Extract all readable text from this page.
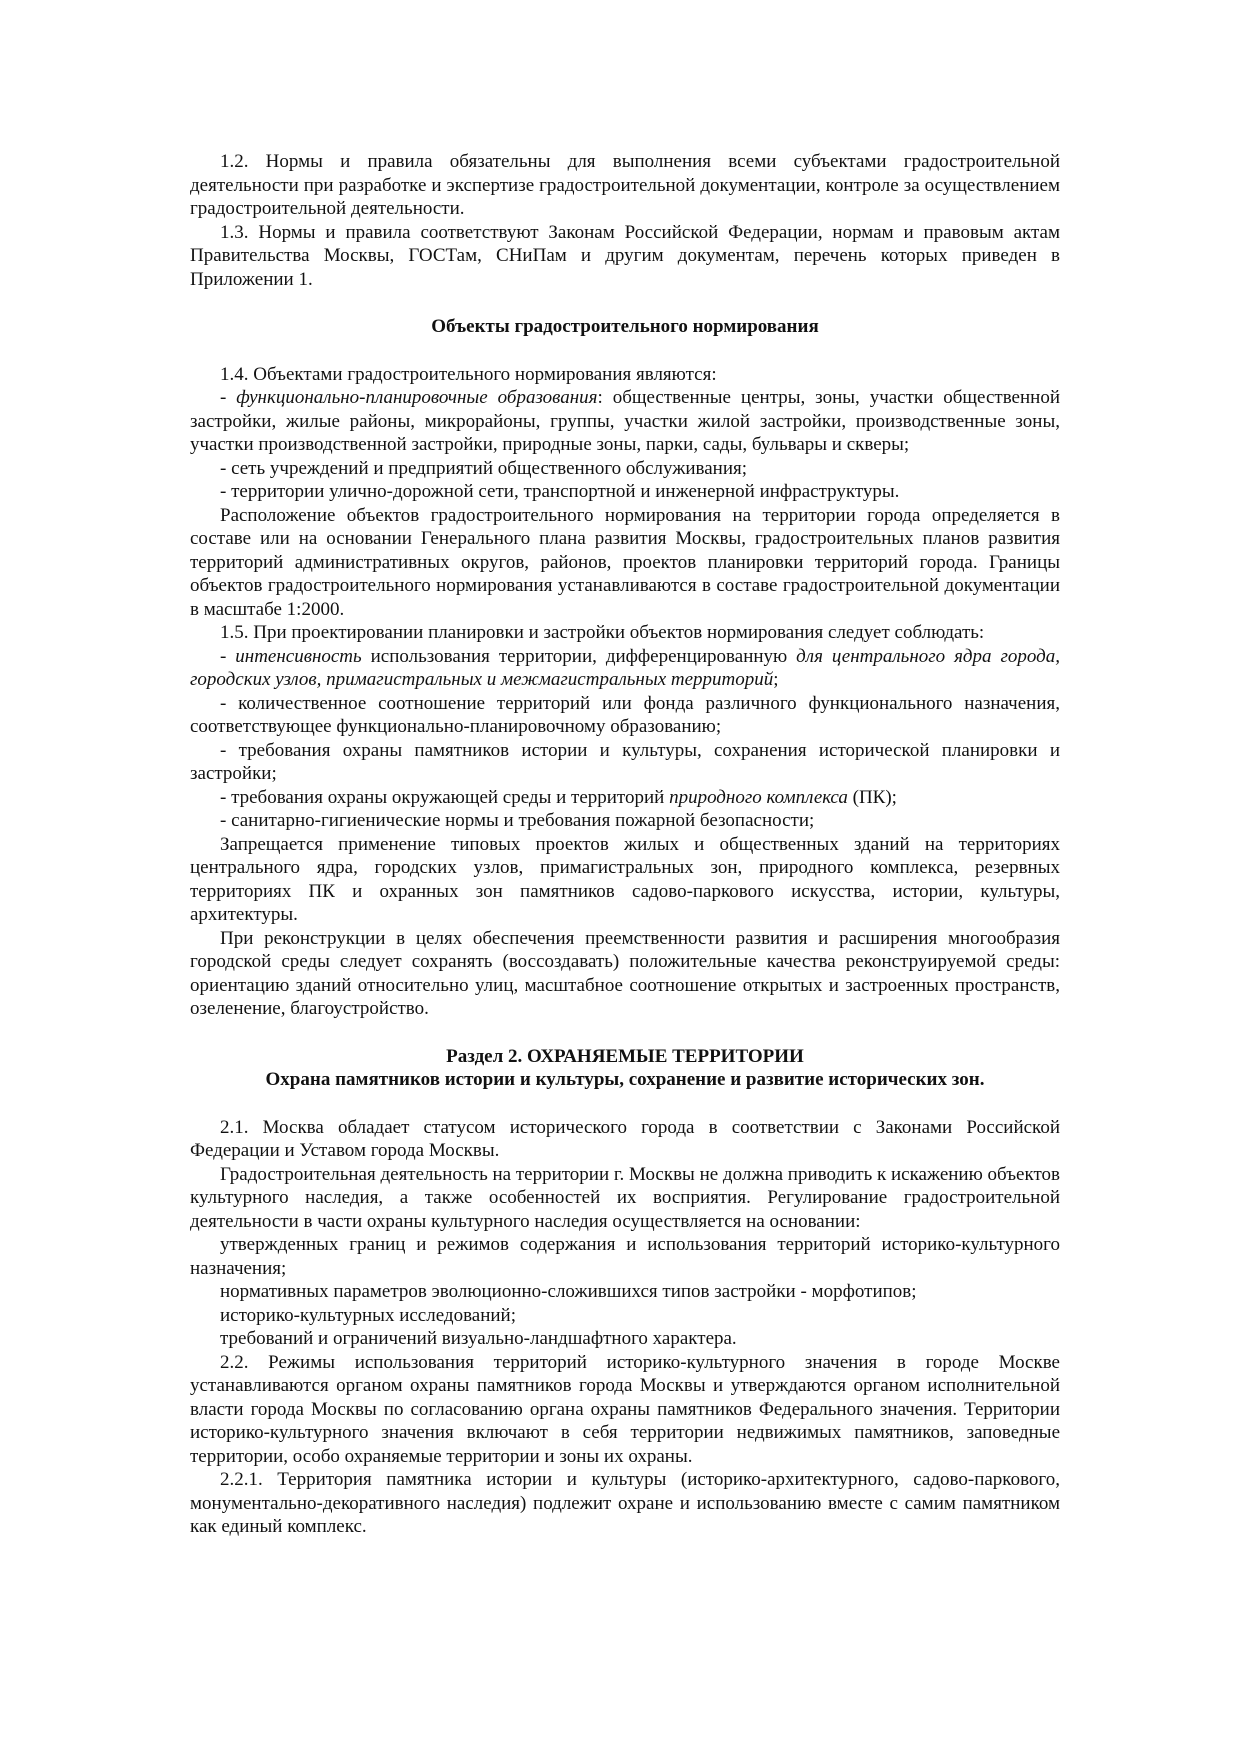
1.2. Нормы и правила обязательны для выполнения всеми субъектами градостроительной деятельности при разработке и экспертизе градостроительной документации, контроле за осуществлением градостроительной деятельности.

1.3. Нормы и правила соответствуют Законам Российской Федерации, нормам и правовым актам Правительства Москвы, ГОСТам, СНиПам и другим документам, перечень которых приведен в Приложении 1.

Объекты градостроительного нормирования

1.4. Объектами градостроительного нормирования являются:

- функционально-планировочные образования: общественные центры, зоны, участки общественной застройки, жилые районы, микрорайоны, группы, участки жилой застройки, производственные зоны, участки производственной застройки, природные зоны, парки, сады, бульвары и скверы;

- сеть учреждений и предприятий общественного обслуживания;

- территории улично-дорожной сети, транспортной и инженерной инфраструктуры.

Расположение объектов градостроительного нормирования на территории города определяется в составе или на основании Генерального плана развития Москвы, градостроительных планов развития территорий административных округов, районов, проектов планировки территорий города. Границы объектов градостроительного нормирования устанавливаются в составе градостроительной документации в масштабе 1:2000.

1.5. При проектировании планировки и застройки объектов нормирования следует соблюдать:

- интенсивность использования территории, дифференцированную для центрального ядра города, городских узлов, примагистральных и межмагистральных территорий;

- количественное соотношение территорий или фонда различного функционального назначения, соответствующее функционально-планировочному образованию;

- требования охраны памятников истории и культуры, сохранения исторической планировки и застройки;

- требования охраны окружающей среды и территорий природного комплекса (ПК);

- санитарно-гигиенические нормы и требования пожарной безопасности;

Запрещается применение типовых проектов жилых и общественных зданий на территориях центрального ядра, городских узлов, примагистральных зон, природного комплекса, резервных территориях ПК и охранных зон памятников садово-паркового искусства, истории, культуры, архитектуры.

При реконструкции в целях обеспечения преемственности развития и расширения многообразия городской среды следует сохранять (воссоздавать) положительные качества реконструируемой среды: ориентацию зданий относительно улиц, масштабное соотношение открытых и застроенных пространств, озеленение, благоустройство.

Раздел 2. ОХРАНЯЕМЫЕ ТЕРРИТОРИИ

Охрана памятников истории и культуры, сохранение и развитие исторических зон.

2.1. Москва обладает статусом исторического города в соответствии с Законами Российской Федерации и Уставом города Москвы.

Градостроительная деятельность на территории г. Москвы не должна приводить к искажению объектов культурного наследия, а также особенностей их восприятия. Регулирование градостроительной деятельности в части охраны культурного наследия осуществляется на основании:

утвержденных границ и режимов содержания и использования территорий историко-культурного назначения;

нормативных параметров эволюционно-сложившихся типов застройки - морфотипов;

историко-культурных исследований;

требований и ограничений визуально-ландшафтного характера.

2.2. Режимы использования территорий историко-культурного значения в городе Москве устанавливаются органом охраны памятников города Москвы и утверждаются органом исполнительной власти города Москвы по согласованию органа охраны памятников Федерального значения. Территории историко-культурного значения включают в себя территории недвижимых памятников, заповедные территории, особо охраняемые территории и зоны их охраны.

2.2.1. Территория памятника истории и культуры (историко-архитектурного, садово-паркового, монументально-декоративного наследия) подлежит охране и использованию вместе с самим памятником как единый комплекс.
